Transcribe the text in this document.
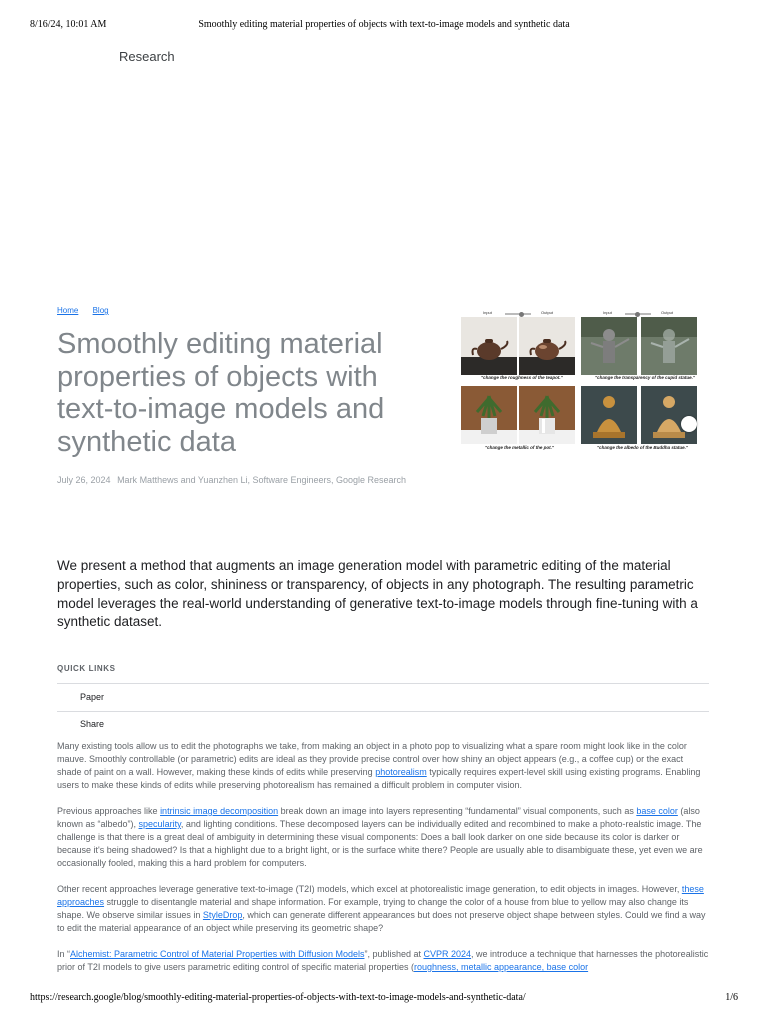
8/16/24, 10:01 AM	Smoothly editing material properties of objects with text-to-image models and synthetic data
Research
Home Blog
Smoothly editing material properties of objects with text-to-image models and synthetic data
July 26, 2024 Mark Matthews and Yuanzhen Li, Software Engineers, Google Research
Input	Output	Input	Output
"change the roughness of the teapot."	"change the transparency of the cupid statue."
"change the metallic of the pot."	"change the albedo of the Buddha statue."

We present a method that augments an image generation model with parametric editing of the material properties, such as color, shininess or transparency, of objects in any photograph. The resulting parametric model leverages the real-world understanding of generative text-to-image models through fine-tuning with a synthetic dataset.

QUICK LINKS
Paper
Share

Many existing tools allow us to edit the photographs we take, from making an object in a photo pop to visualizing what a spare room might look like in the color mauve. Smoothly controllable (or parametric) edits are ideal as they provide precise control over how shiny an object appears (e.g., a coffee cup) or the exact shade of paint on a wall. However, making these kinds of edits while preserving photorealism typically requires expert-level skill using existing programs. Enabling users to make these kinds of edits while preserving photorealism has remained a difficult problem in computer vision.

Previous approaches like intrinsic image decomposition break down an image into layers representing “fundamental” visual components, such as base color (also known as “albedo”), specularity, and lighting conditions. These decomposed layers can be individually edited and recombined to make a photo-realstic image. The challenge is that there is a great deal of ambiguity in determining these visual components: Does a ball look darker on one side because its color is darker or because it's being shadowed? Is that a highlight due to a bright light, or is the surface white there? People are usually able to disambiguate these, yet even we are occasionally fooled, making this a hard problem for computers.

Other recent approaches leverage generative text-to-image (T2I) models, which excel at photorealistic image generation, to edit objects in images. However, these approaches struggle to disentangle material and shape information. For example, trying to change the color of a house from blue to yellow may also change its shape. We observe similar issues in StyleDrop, which can generate different appearances but does not preserve object shape between styles. Could we find a way to edit the material appearance of an object while preserving its geometric shape?

In “Alchemist: Parametric Control of Material Properties with Diffusion Models”, published at CVPR 2024, we introduce a technique that harnesses the photorealistic prior of T2I models to give users parametric editing control of specific material properties (roughness, metallic appearance, base color

https://research.google/blog/smoothly-editing-material-properties-of-objects-with-text-to-image-models-and-synthetic-data/	1/6
